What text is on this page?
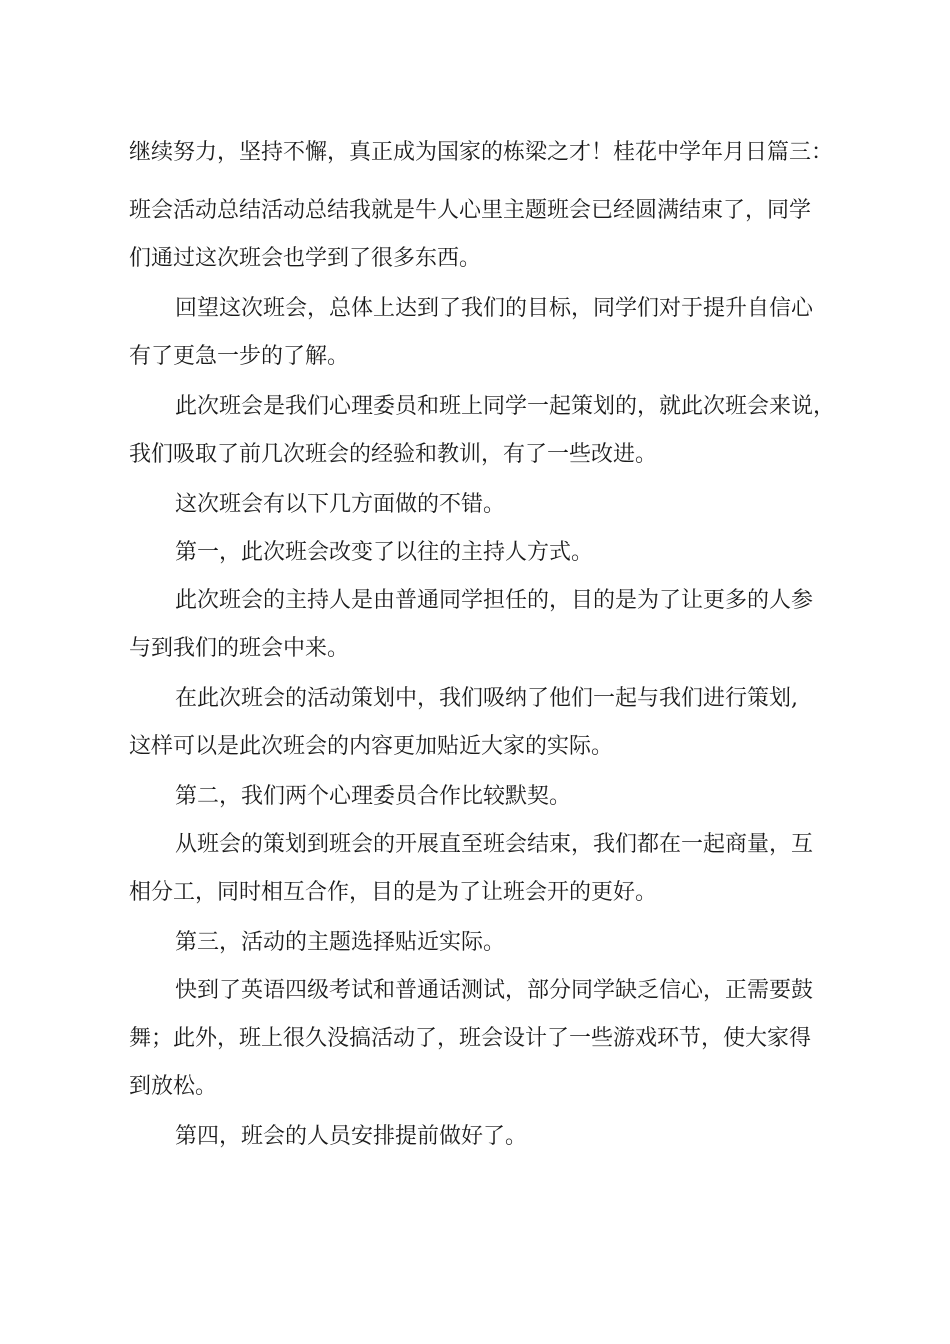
继续努力，坚持不懈，真正成为国家的栋梁之才！桂花中学年月日篇三：
班会活动总结活动总结我就是牛人心里主题班会已经圆满结束了，同学
们通过这次班会也学到了很多东西。
回望这次班会，总体上达到了我们的目标，同学们对于提升自信心
有了更急一步的了解。
此次班会是我们心理委员和班上同学一起策划的，就此次班会来说，
我们吸取了前几次班会的经验和教训，有了一些改进。
这次班会有以下几方面做的不错。
第一，此次班会改变了以往的主持人方式。
此次班会的主持人是由普通同学担任的，目的是为了让更多的人参
与到我们的班会中来。
在此次班会的活动策划中，我们吸纳了他们一起与我们进行策划,
这样可以是此次班会的内容更加贴近大家的实际。
第二，我们两个心理委员合作比较默契。
从班会的策划到班会的开展直至班会结束，我们都在一起商量，互
相分工，同时相互合作，目的是为了让班会开的更好。
第三，活动的主题选择贴近实际。
快到了英语四级考试和普通话测试，部分同学缺乏信心，正需要鼓
舞；此外，班上很久没搞活动了，班会设计了一些游戏环节，使大家得
到放松。
第四，班会的人员安排提前做好了。
